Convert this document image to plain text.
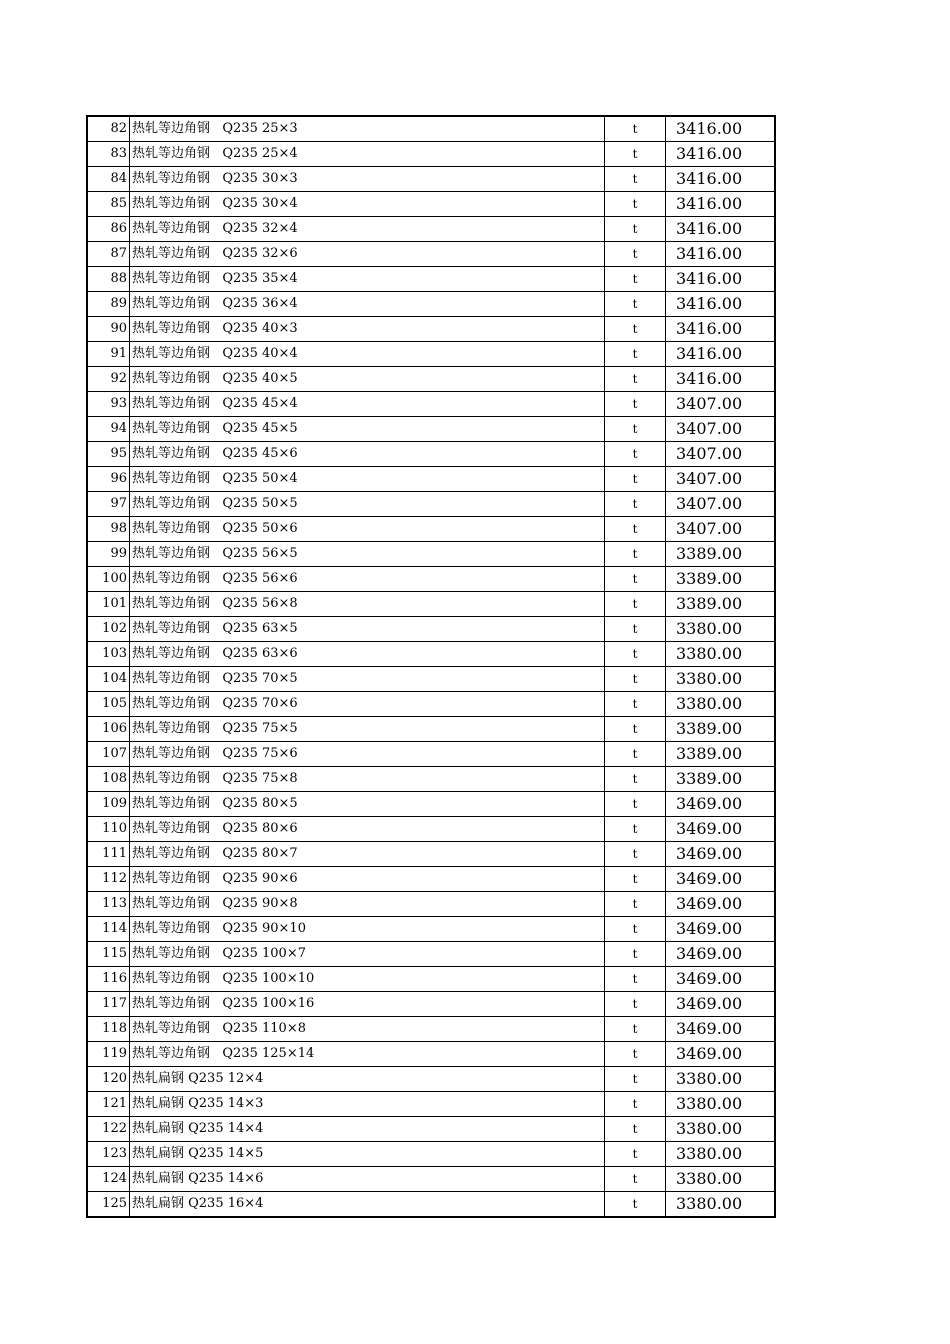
82	热轧等边角钢   Q235 25×3	t	3416.00
83	热轧等边角钢   Q235 25×4	t	3416.00
84	热轧等边角钢   Q235 30×3	t	3416.00
85	热轧等边角钢   Q235 30×4	t	3416.00
86	热轧等边角钢   Q235 32×4	t	3416.00
87	热轧等边角钢   Q235 32×6	t	3416.00
88	热轧等边角钢   Q235 35×4	t	3416.00
89	热轧等边角钢   Q235 36×4	t	3416.00
90	热轧等边角钢   Q235 40×3	t	3416.00
91	热轧等边角钢   Q235 40×4	t	3416.00
92	热轧等边角钢   Q235 40×5	t	3416.00
93	热轧等边角钢   Q235 45×4	t	3407.00
94	热轧等边角钢   Q235 45×5	t	3407.00
95	热轧等边角钢   Q235 45×6	t	3407.00
96	热轧等边角钢   Q235 50×4	t	3407.00
97	热轧等边角钢   Q235 50×5	t	3407.00
98	热轧等边角钢   Q235 50×6	t	3407.00
99	热轧等边角钢   Q235 56×5	t	3389.00
100	热轧等边角钢   Q235 56×6	t	3389.00
101	热轧等边角钢   Q235 56×8	t	3389.00
102	热轧等边角钢   Q235 63×5	t	3380.00
103	热轧等边角钢   Q235 63×6	t	3380.00
104	热轧等边角钢   Q235 70×5	t	3380.00
105	热轧等边角钢   Q235 70×6	t	3380.00
106	热轧等边角钢   Q235 75×5	t	3389.00
107	热轧等边角钢   Q235 75×6	t	3389.00
108	热轧等边角钢   Q235 75×8	t	3389.00
109	热轧等边角钢   Q235 80×5	t	3469.00
110	热轧等边角钢   Q235 80×6	t	3469.00
111	热轧等边角钢   Q235 80×7	t	3469.00
112	热轧等边角钢   Q235 90×6	t	3469.00
113	热轧等边角钢   Q235 90×8	t	3469.00
114	热轧等边角钢   Q235 90×10	t	3469.00
115	热轧等边角钢   Q235 100×7	t	3469.00
116	热轧等边角钢   Q235 100×10	t	3469.00
117	热轧等边角钢   Q235 100×16	t	3469.00
118	热轧等边角钢   Q235 110×8	t	3469.00
119	热轧等边角钢   Q235 125×14	t	3469.00
120	热轧扁钢 Q235 12×4	t	3380.00
121	热轧扁钢 Q235 14×3	t	3380.00
122	热轧扁钢 Q235 14×4	t	3380.00
123	热轧扁钢 Q235 14×5	t	3380.00
124	热轧扁钢 Q235 14×6	t	3380.00
125	热轧扁钢 Q235 16×4	t	3380.00
